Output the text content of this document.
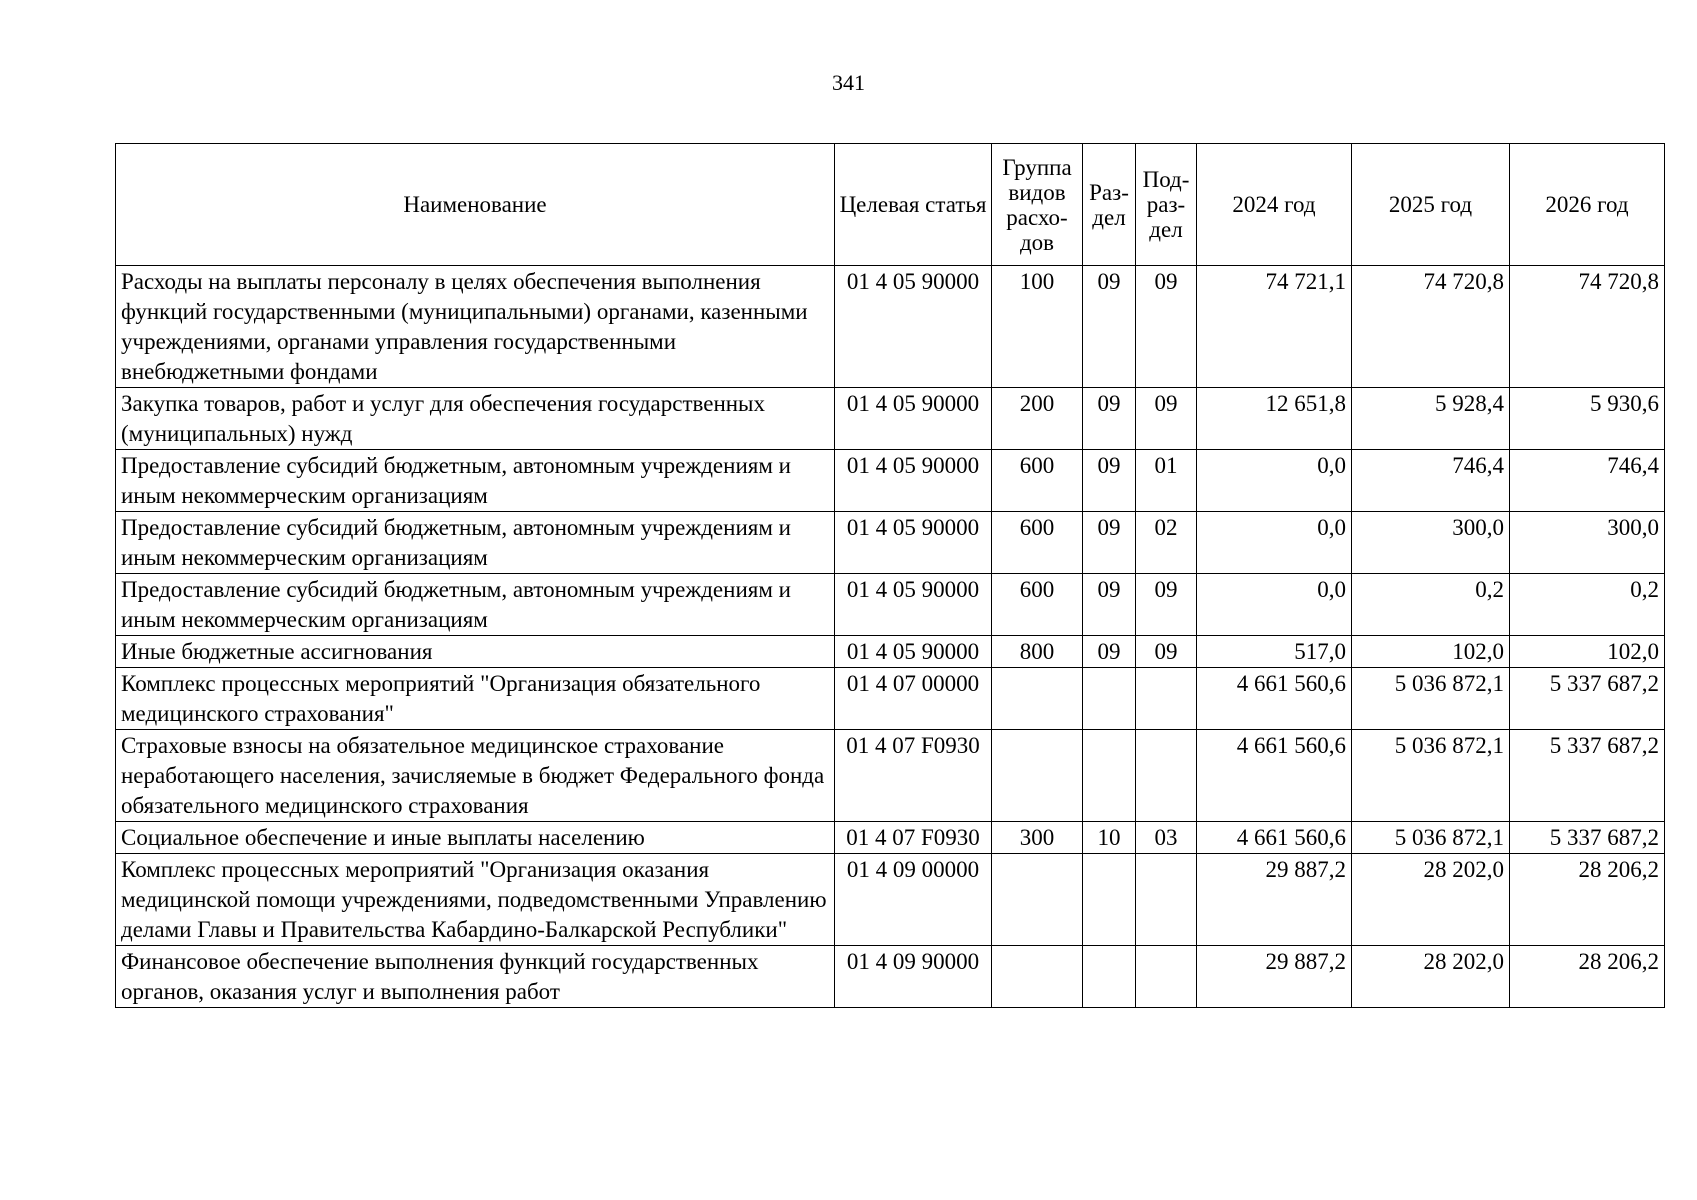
341
Наименование	Целевая статья	Группа видов расхо-дов	Раз-дел	Под-раз-дел	2024 год	2025 год	2026 год
Расходы на выплаты персоналу в целях обеспечения выполнения функций государственными (муниципальными) органами, казенными учреждениями, органами управления государственными внебюджетными фондами	01 4 05 90000	100	09	09	74 721,1	74 720,8	74 720,8
Закупка товаров, работ и услуг для обеспечения государственных (муниципальных) нужд	01 4 05 90000	200	09	09	12 651,8	5 928,4	5 930,6
Предоставление субсидий бюджетным, автономным учреждениям и иным некоммерческим организациям	01 4 05 90000	600	09	01	0,0	746,4	746,4
Предоставление субсидий бюджетным, автономным учреждениям и иным некоммерческим организациям	01 4 05 90000	600	09	02	0,0	300,0	300,0
Предоставление субсидий бюджетным, автономным учреждениям и иным некоммерческим организациям	01 4 05 90000	600	09	09	0,0	0,2	0,2
Иные бюджетные ассигнования	01 4 05 90000	800	09	09	517,0	102,0	102,0
Комплекс процессных мероприятий "Организация обязательного медицинского страхования"	01 4 07 00000				4 661 560,6	5 036 872,1	5 337 687,2
Страховые взносы на обязательное медицинское страхование неработающего населения, зачисляемые в бюджет Федерального фонда обязательного медицинского страхования	01 4 07 F0930				4 661 560,6	5 036 872,1	5 337 687,2
Социальное обеспечение и иные выплаты населению	01 4 07 F0930	300	10	03	4 661 560,6	5 036 872,1	5 337 687,2
Комплекс процессных мероприятий "Организация оказания медицинской помощи учреждениями, подведомственными Управлению делами Главы и Правительства Кабардино-Балкарской Республики"	01 4 09 00000				29 887,2	28 202,0	28 206,2
Финансовое обеспечение выполнения функций государственных органов, оказания услуг и выполнения работ	01 4 09 90000				29 887,2	28 202,0	28 206,2
